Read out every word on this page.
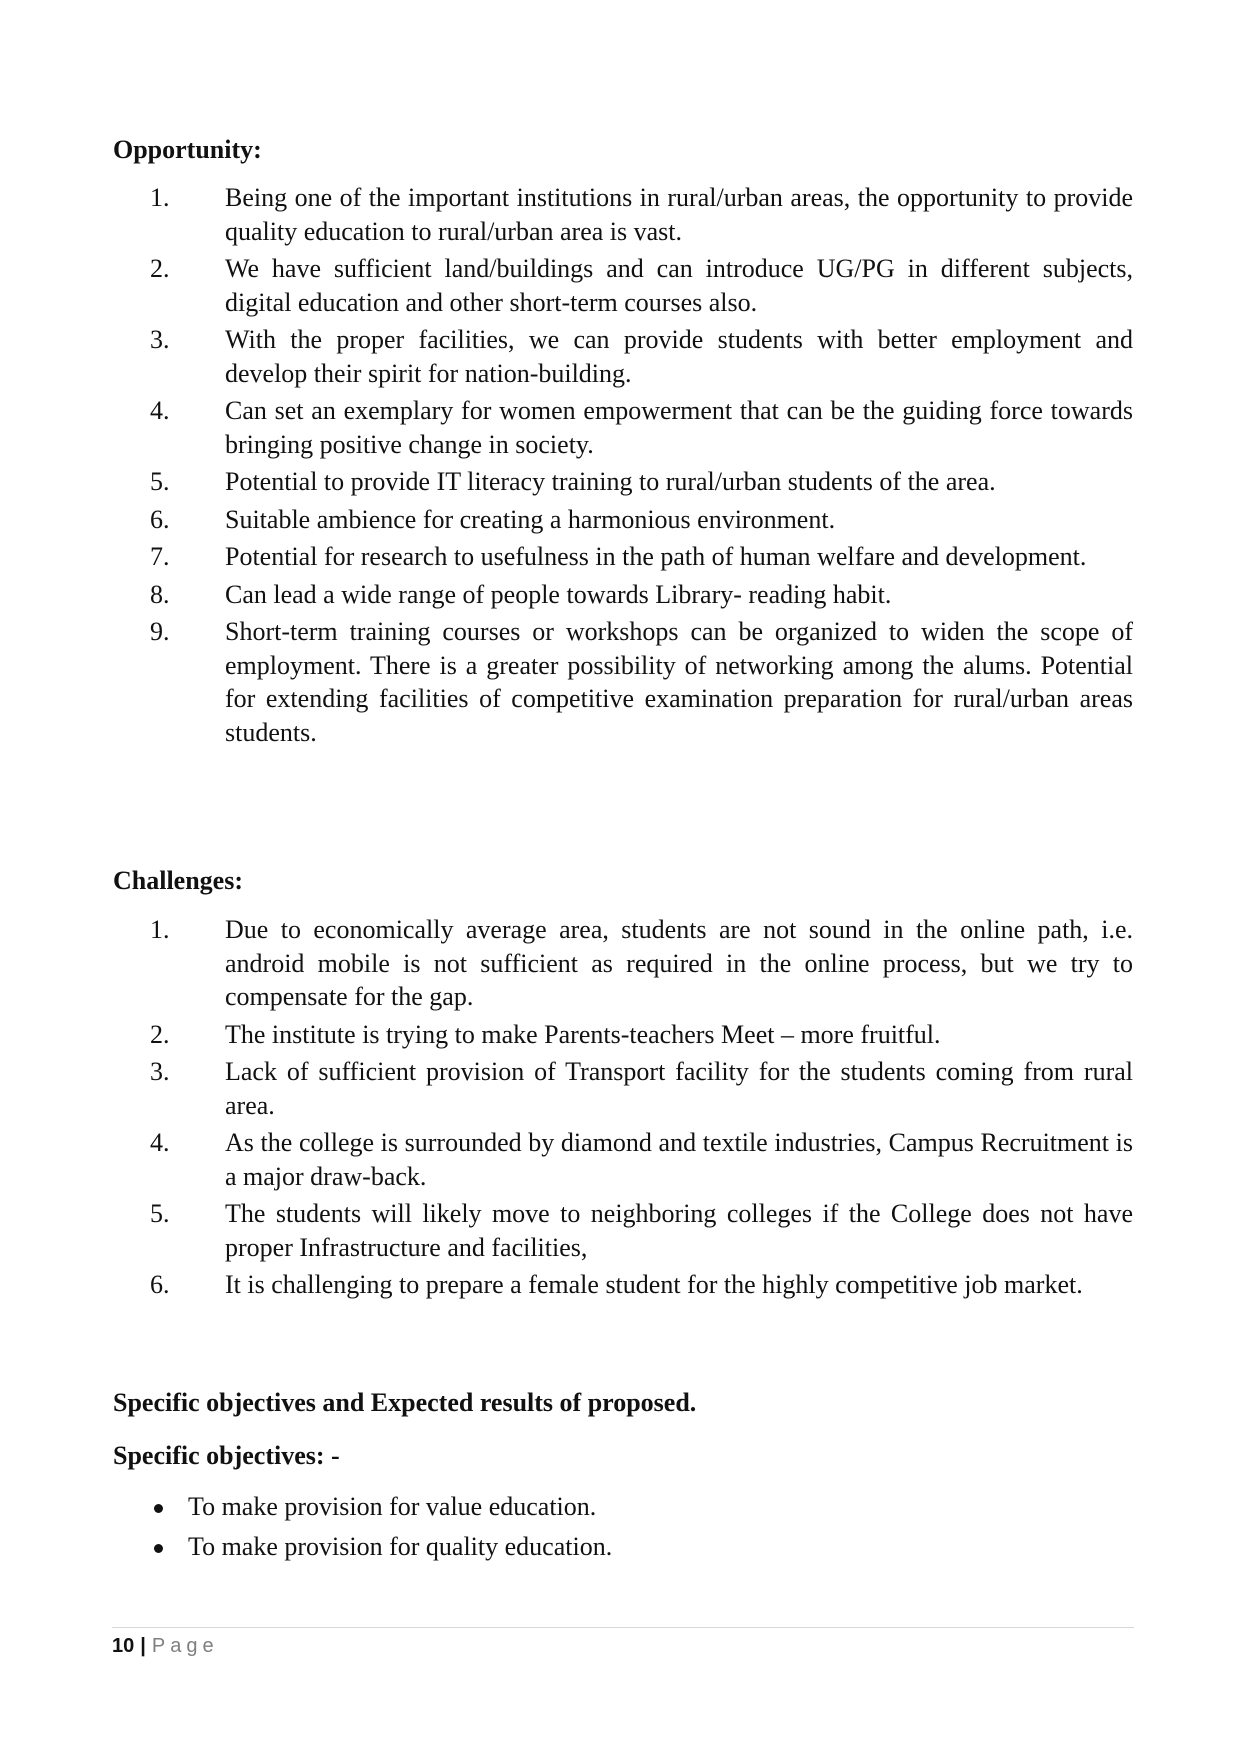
Opportunity:
1. Being one of the important institutions in rural/urban areas, the opportunity to provide quality education to rural/urban area is vast.
2. We have sufficient land/buildings and can introduce UG/PG in different subjects, digital education and other short-term courses also.
3. With the proper facilities, we can provide students with better employment and develop their spirit for nation-building.
4. Can set an exemplary for women empowerment that can be the guiding force towards bringing positive change in society.
5. Potential to provide IT literacy training to rural/urban students of the area.
6. Suitable ambience for creating a harmonious environment.
7. Potential for research to usefulness in the path of human welfare and development.
8. Can lead a wide range of people towards Library- reading habit.
9. Short-term training courses or workshops can be organized to widen the scope of employment. There is a greater possibility of networking among the alums. Potential for extending facilities of competitive examination preparation for rural/urban areas students.
Challenges:
1. Due to economically average area, students are not sound in the online path, i.e. android mobile is not sufficient as required in the online process, but we try to compensate for the gap.
2. The institute is trying to make Parents-teachers Meet – more fruitful.
3. Lack of sufficient provision of Transport facility for the students coming from rural area.
4. As the college is surrounded by diamond and textile industries, Campus Recruitment is a major draw-back.
5. The students will likely move to neighboring colleges if the College does not have proper Infrastructure and facilities,
6. It is challenging to prepare a female student for the highly competitive job market.
Specific objectives and Expected results of proposed.
Specific objectives: -
To make provision for value education.
To make provision for quality education.
10 | Page
